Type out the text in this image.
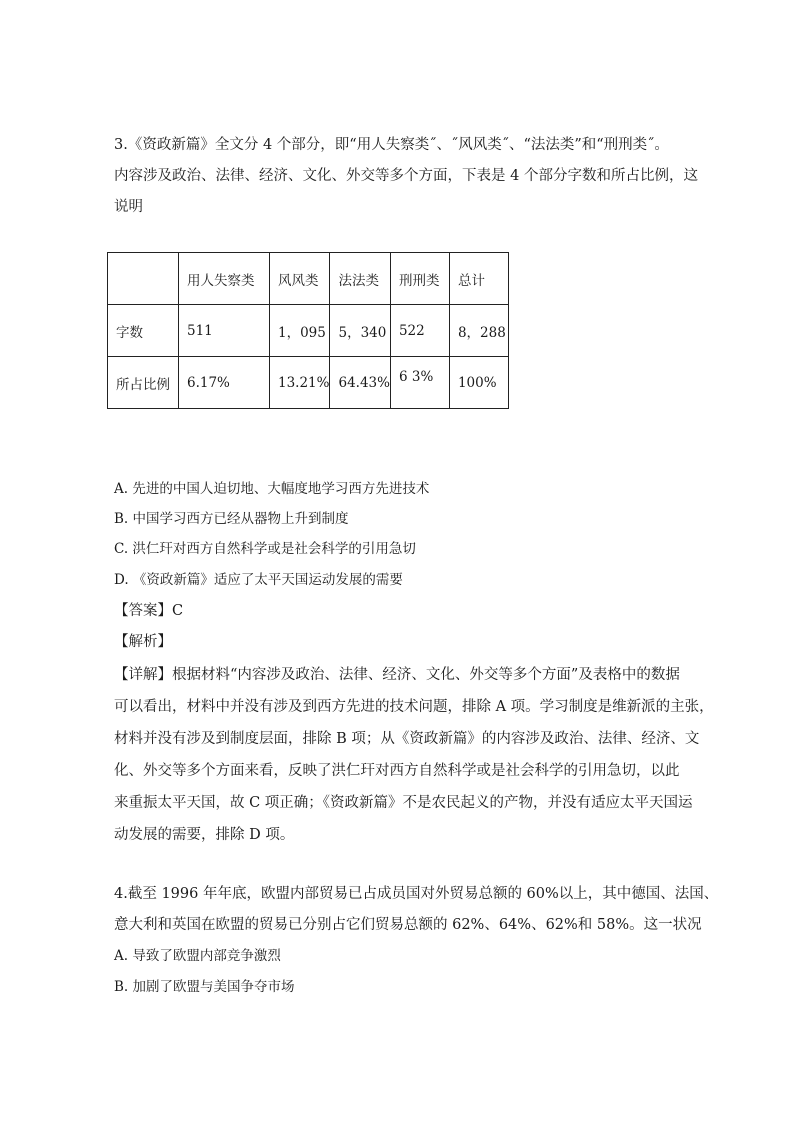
3.《资政新篇》全文分 4 个部分，即“用人失察类˝、˝风风类˝、“法法类”和“刑刑类˝。
内容涉及政治、法律、经济、文化、外交等多个方面，下表是 4 个部分字数和所占比例，这
说明
	用人失察类	风风类	法法类	刑刑类	总计
字数	511	1，095	5，340	522	8，288
所占比例	6.17%	13.21%	64.43%	6 3%	100%
A. 先进的中国人迫切地、大幅度地学习西方先进技术
B. 中国学习西方已经从器物上升到制度
C. 洪仁玕对西方自然科学或是社会科学的引用急切
D. 《资政新篇》适应了太平天国运动发展的需要
【答案】C
【解析】
【详解】根据材料“内容涉及政治、法律、经济、文化、外交等多个方面”及表格中的数据
可以看出，材料中并没有涉及到西方先进的技术问题，排除 A 项。学习制度是维新派的主张，
材料并没有涉及到制度层面，排除 B 项；从《资政新篇》的内容涉及政治、法律、经济、文
化、外交等多个方面来看，反映了洪仁玕对西方自然科学或是社会科学的引用急切，以此
来重振太平天国，故 C 项正确；《资政新篇》不是农民起义的产物，并没有适应太平天国运
动发展的需要，排除 D 项。
4.截至 1996 年年底，欧盟内部贸易已占成员国对外贸易总额的 60%以上，其中德国、法国、
意大利和英国在欧盟的贸易已分别占它们贸易总额的 62%、64%、62%和 58%。这一状况
A. 导致了欧盟内部竞争激烈
B. 加剧了欧盟与美国争夺市场
